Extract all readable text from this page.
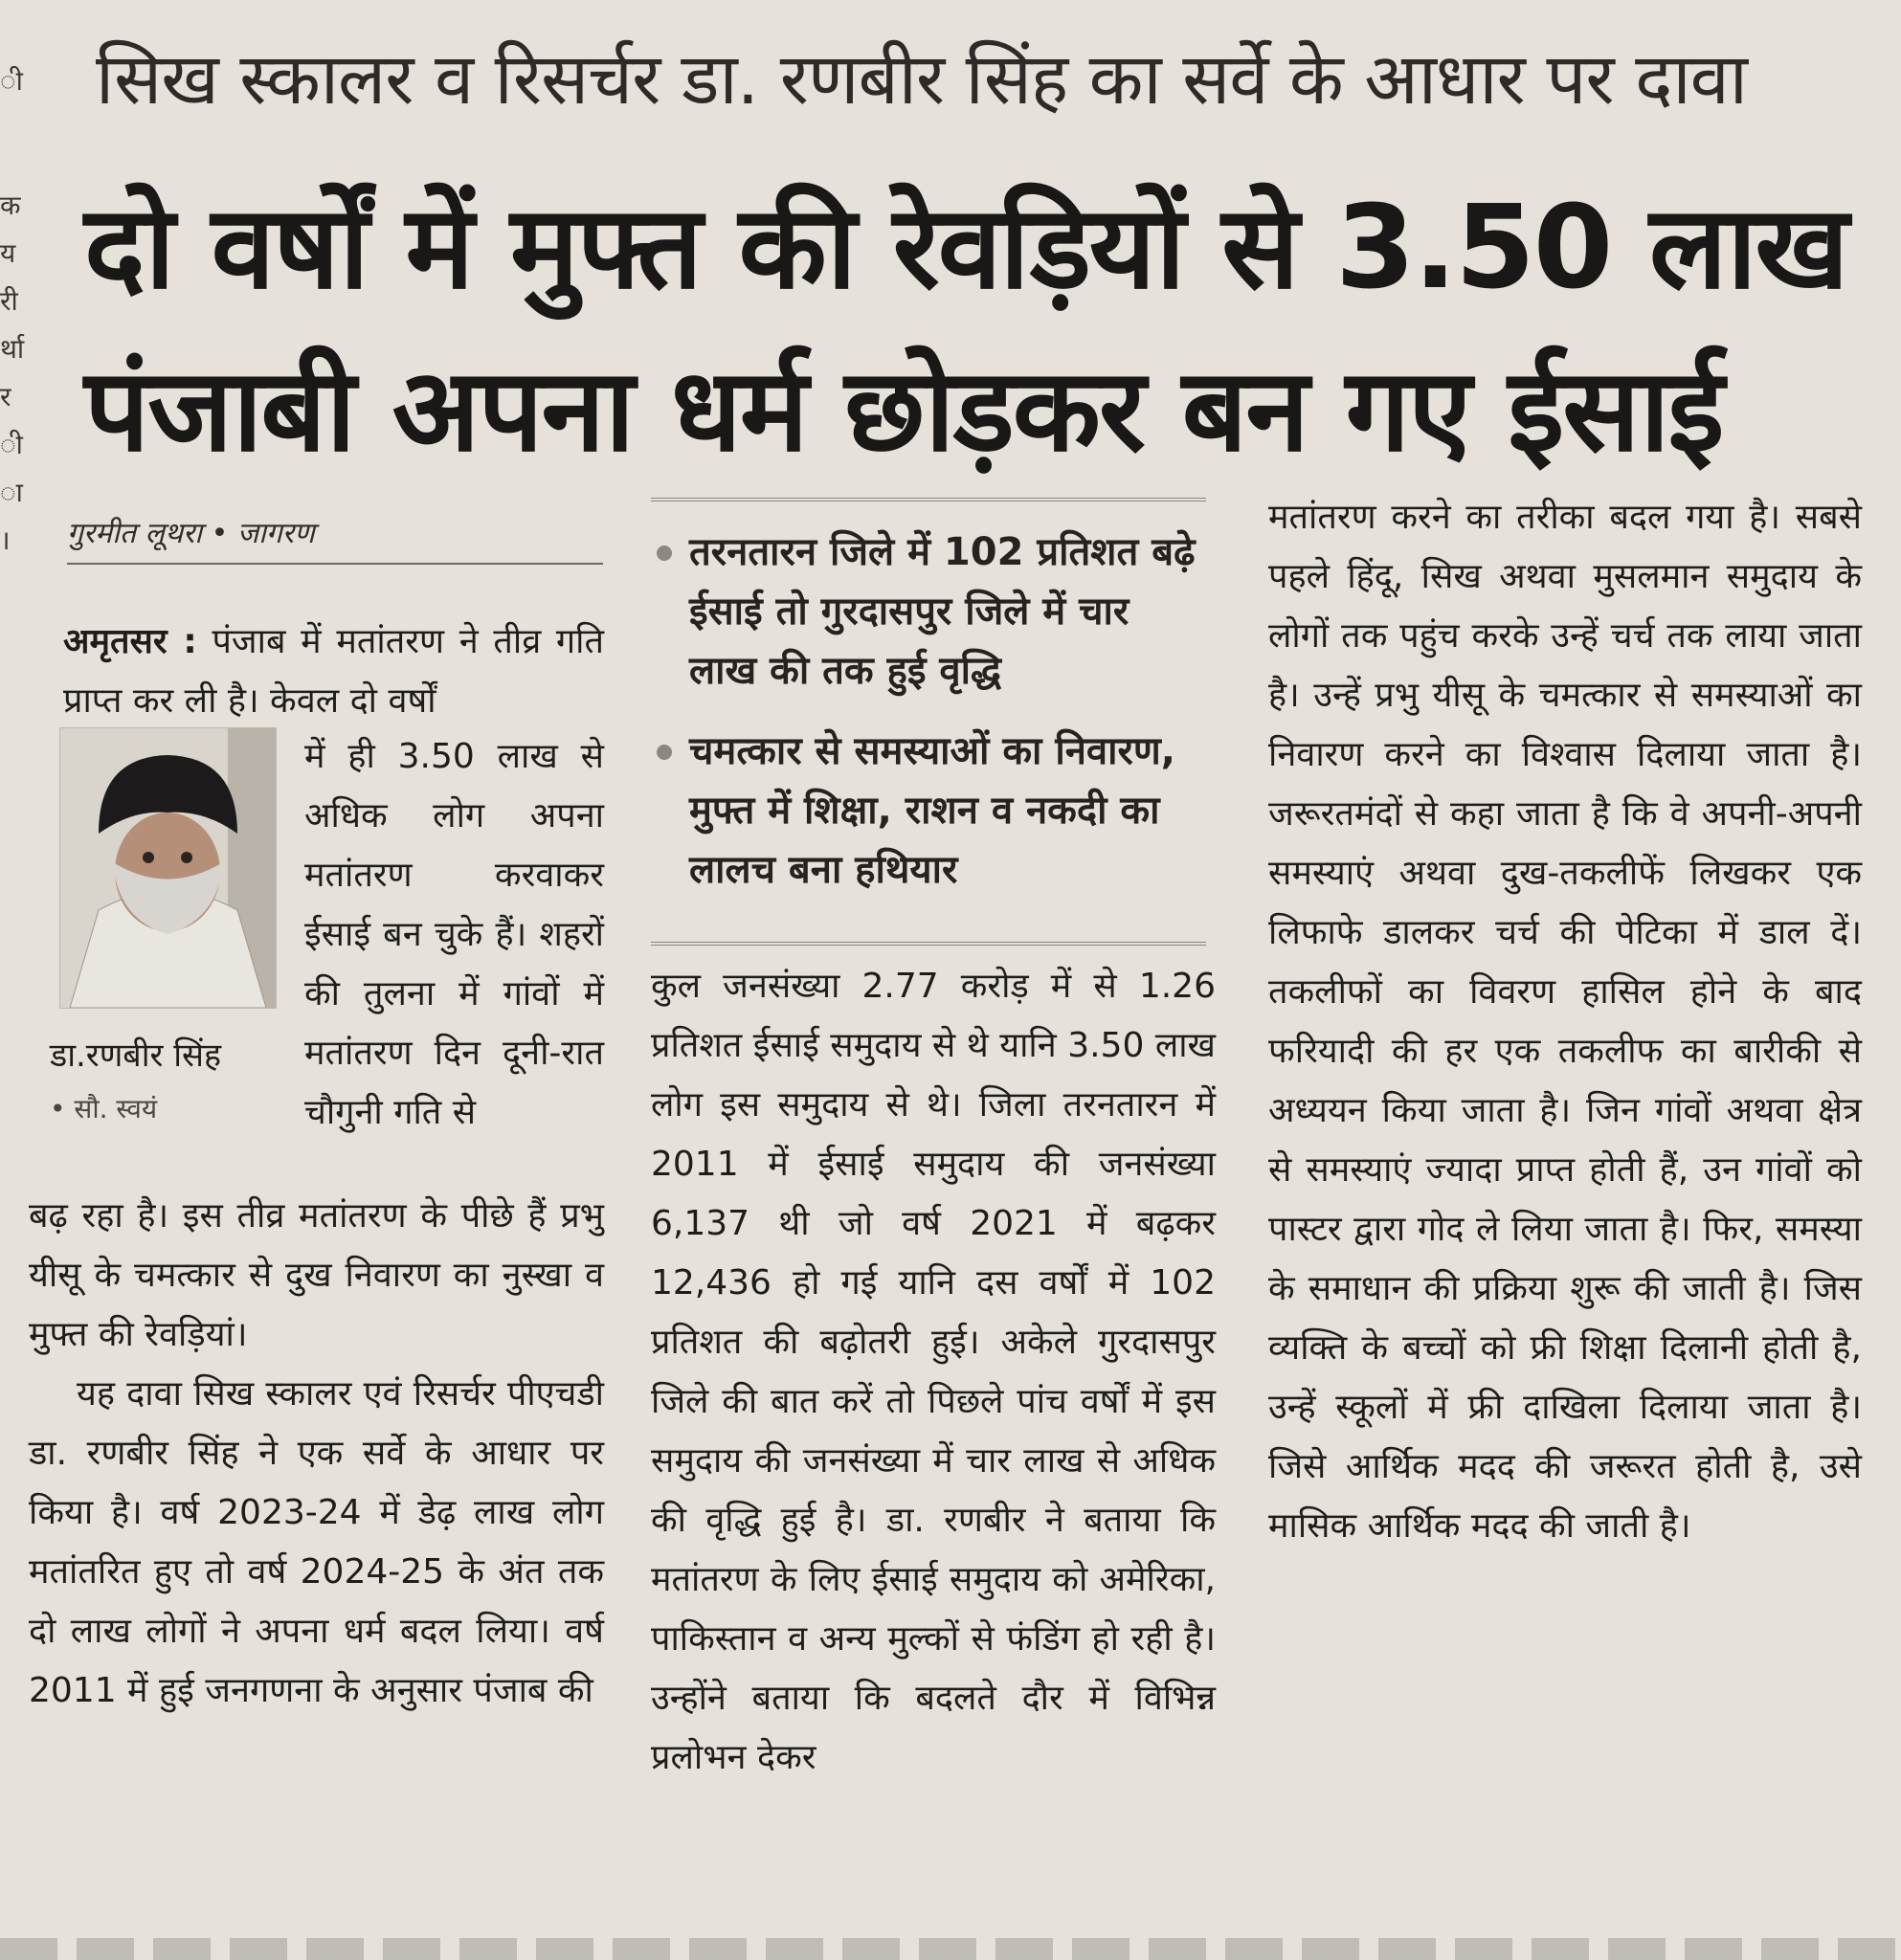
ी
क
य
री
र्था
र
ी
ा
।
सिख स्कालर व रिसर्चर डा. रणबीर सिंह का सर्वे के आधार पर दावा
दो वर्षों में मुफ्त की रेवड़ियों से 3.50 लाख
पंजाबी अपना धर्म छोड़कर बन गए ईसाई
गुरमीत लूथरा • जागरण

अमृतसर : पंजाब में मतांतरण ने तीव्र गति प्राप्त कर ली है। केवल दो वर्षों

में ही 3.50 लाख से अधिक लोग अपना मतांतरण करवाकर ईसाई बन चुके हैं। शहरों की तुलना में गांवों में मतांतरण दिन दूनी-रात चौगुनी गति से

डा.रणबीर सिंह
• सौ. स्वयं

बढ़ रहा है। इस तीव्र मतांतरण के पीछे हैं प्रभु यीसू के चमत्कार से दुख निवारण का नुस्खा व मुफ्त की रेवड़ियां।

यह दावा सिख स्कालर एवं रिसर्चर पीएचडी डा. रणबीर सिंह ने एक सर्वे के आधार पर किया है। वर्ष 2023-24 में डेढ़ लाख लोग मतांतरित हुए तो वर्ष 2024-25 के अंत तक दो लाख लोगों ने अपना धर्म बदल लिया। वर्ष 2011 में हुई जनगणना के अनुसार पंजाब की

तरनतारन जिले में 102 प्रतिशत बढ़े ईसाई तो गुरदासपुर जिले में चार लाख की तक हुई वृद्धि
चमत्कार से समस्याओं का निवारण, मुफ्त में शिक्षा, राशन व नकदी का लालच बना हथियार

कुल जनसंख्या 2.77 करोड़ में से 1.26 प्रतिशत ईसाई समुदाय से थे यानि 3.50 लाख लोग इस समुदाय से थे। जिला तरनतारन में 2011 में ईसाई समुदाय की जनसंख्या 6,137 थी जो वर्ष 2021 में बढ़कर 12,436 हो गई यानि दस वर्षों में 102 प्रतिशत की बढ़ोतरी हुई। अकेले गुरदासपुर जिले की बात करें तो पिछले पांच वर्षों में इस समुदाय की जनसंख्या में चार लाख से अधिक की वृद्धि हुई है। डा. रणबीर ने बताया कि मतांतरण के लिए ईसाई समुदाय को अमेरिका, पाकिस्तान व अन्य मुल्कों से फंडिंग हो रही है। उन्होंने बताया कि बदलते दौर में विभिन्न प्रलोभन देकर

मतांतरण करने का तरीका बदल गया है। सबसे पहले हिंदू, सिख अथवा मुसलमान समुदाय के लोगों तक पहुंच करके उन्हें चर्च तक लाया जाता है। उन्हें प्रभु यीसू के चमत्कार से समस्याओं का निवारण करने का विश्वास दिलाया जाता है। जरूरतमंदों से कहा जाता है कि वे अपनी-अपनी समस्याएं अथवा दुख-तकलीफें लिखकर एक लिफाफे डालकर चर्च की पेटिका में डाल दें। तकलीफों का विवरण हासिल होने के बाद फरियादी की हर एक तकलीफ का बारीकी से अध्ययन किया जाता है। जिन गांवों अथवा क्षेत्र से समस्याएं ज्यादा प्राप्त होती हैं, उन गांवों को पास्टर द्वारा गोद ले लिया जाता है। फिर, समस्या के समाधान की प्रक्रिया शुरू की जाती है। जिस व्यक्ति के बच्चों को फ्री शिक्षा दिलानी होती है, उन्हें स्कूलों में फ्री दाखिला दिलाया जाता है। जिसे आर्थिक मदद की जरूरत होती है, उसे मासिक आर्थिक मदद की जाती है।
